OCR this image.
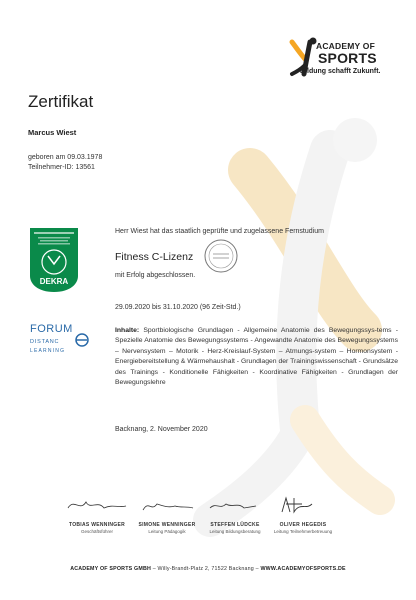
ACADEMY OF
SPORTS
Bildung schafft Zukunft.
Zertifikat
Marcus Wiest
geboren am 09.03.1978
Teilnehmer-ID: 13561
DEKRA
FORUM
DISTANC
LEARNING
Herr Wiest hat das staatlich geprüfte und zugelassene Fernstudium
Fitness C-Lizenz
mit Erfolg abgeschlossen.
29.09.2020 bis 31.10.2020 (96 Zeit-Std.)
Inhalte: Sportbiologische Grundlagen - Allgemeine Anatomie des Bewegungssys-tems - Spezielle Anatomie des Bewegungssystems - Angewandte Anatomie des Bewegungssystems – Nervensystem – Motorik - Herz-Kreislauf-System – Atmungs-system – Hormonsystem - Energiebereitstellung & Wärmehaushalt - Grundlagen der Trainingswissenschaft - Grundsätze des Trainings - Konditionelle Fähigkeiten - Koordinative Fähigkeiten - Grundlagen der Bewegungslehre
Backnang, 2. November 2020
TOBIAS WENNINGER
Geschäftsführer
SIMONE WENNINGER
Leitung Pädagogik
STEFFEN LÜDCKE
Leitung Bildungsberatung
OLIVER HEGEDIS
Leitung Teilnehmerbetreuung
ACADEMY OF SPORTS GMBH – Willy-Brandt-Platz 2, 71522 Backnang – WWW.ACADEMYOFSPORTS.DE
